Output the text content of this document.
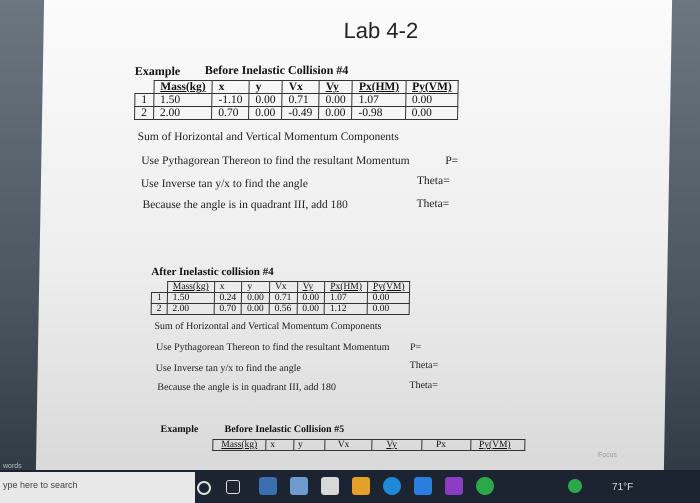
Lab 4-2
Example Before Inelastic Collision #4
	Mass(kg)	x	y	Vx	Vy	Px(HM)	Py(VM)
1	1.50	-1.10	0.00	0.71	0.00	1.07	0.00
2	2.00	0.70	0.00	-0.49	0.00	-0.98	0.00
Sum of Horizontal and Vertical Momentum Components
Use Pythagorean Thereon to find the resultant Momentum	P=
Use Inverse tan y/x to find the angle	Theta=
Because the angle is in quadrant III, add 180	Theta=
After Inelastic collision #4
	Mass(kg)	x	y	Vx	Vy	Px(HM)	Py(VM)
1	1.50	0.24	0.00	0.71	0.00	1.07	0.00
2	2.00	0.70	0.00	0.56	0.00	1.12	0.00
Sum of Horizontal and Vertical Momentum Components
Use Pythagorean Thereon to find the resultant Momentum P=
Use Inverse tan y/x to find the angle	Theta=
Because the angle is in quadrant III, add 180	Theta=
Example	Before Inelastic Collision #5
Mass(kg)	x	y	Vx	Vy	Px	Py(VM)
words
ype here to search	71°F
Focus
